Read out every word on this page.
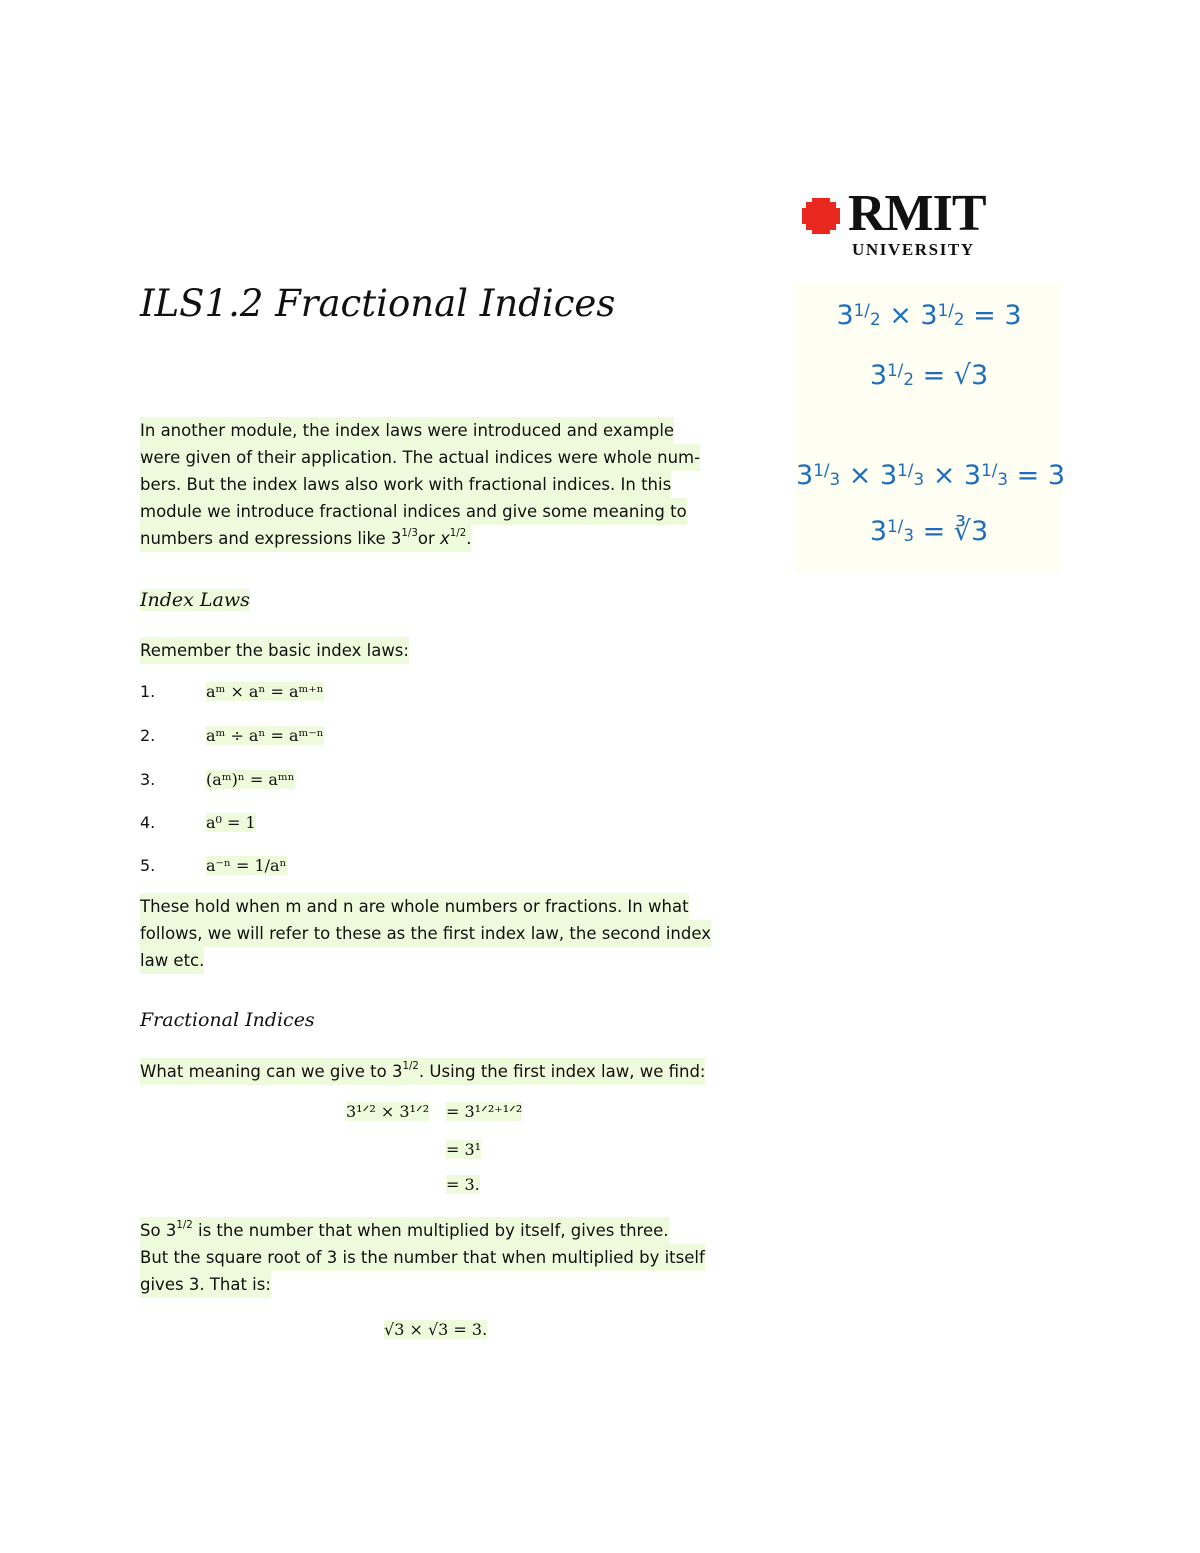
RMIT
UNIVERSITY
$3^{1/2} \times 3^{1/2} = 3$
$3^{1/2} = √3$
$3^{1/3} \times 3^{1/3} \times 3^{1/3} = 3$
$3^{1/3}$ = ∛3
ILS1.2 Fractional Indices
In another module, the index laws were introduced and example
were given of their application. The actual indices were whole num-
bers. But the index laws also work with fractional indices. In this
module we introduce fractional indices and give some meaning to
numbers and expressions like $3^{1/3}or$ $x^{1/2}$.
Index Laws
Remember the basic index laws:
1.	aᵐ × aⁿ = aᵐ⁺ⁿ
2.	aᵐ ÷ aⁿ = aᵐ⁻ⁿ
3.	(aᵐ)ⁿ = aᵐⁿ
4.	a⁰ = 1
5.	a⁻ⁿ = 1/aⁿ
These hold when m and n are whole numbers or fractions. In what
follows, we will refer to these as the first index law, the second index
law etc.
Fractional Indices
What meaning can we give to $3^{1/2}$. Using the first index law, we find:
3¹ᐟ² × 3¹ᐟ² = 3¹ᐟ²⁺¹ᐟ²
= 3¹
= 3.
So $3^{1/2}$ is the number that when multiplied by itself, gives three.
But the square root of 3 is the number that when multiplied by itself
gives 3. That is:
√3 × √3 = 3.
